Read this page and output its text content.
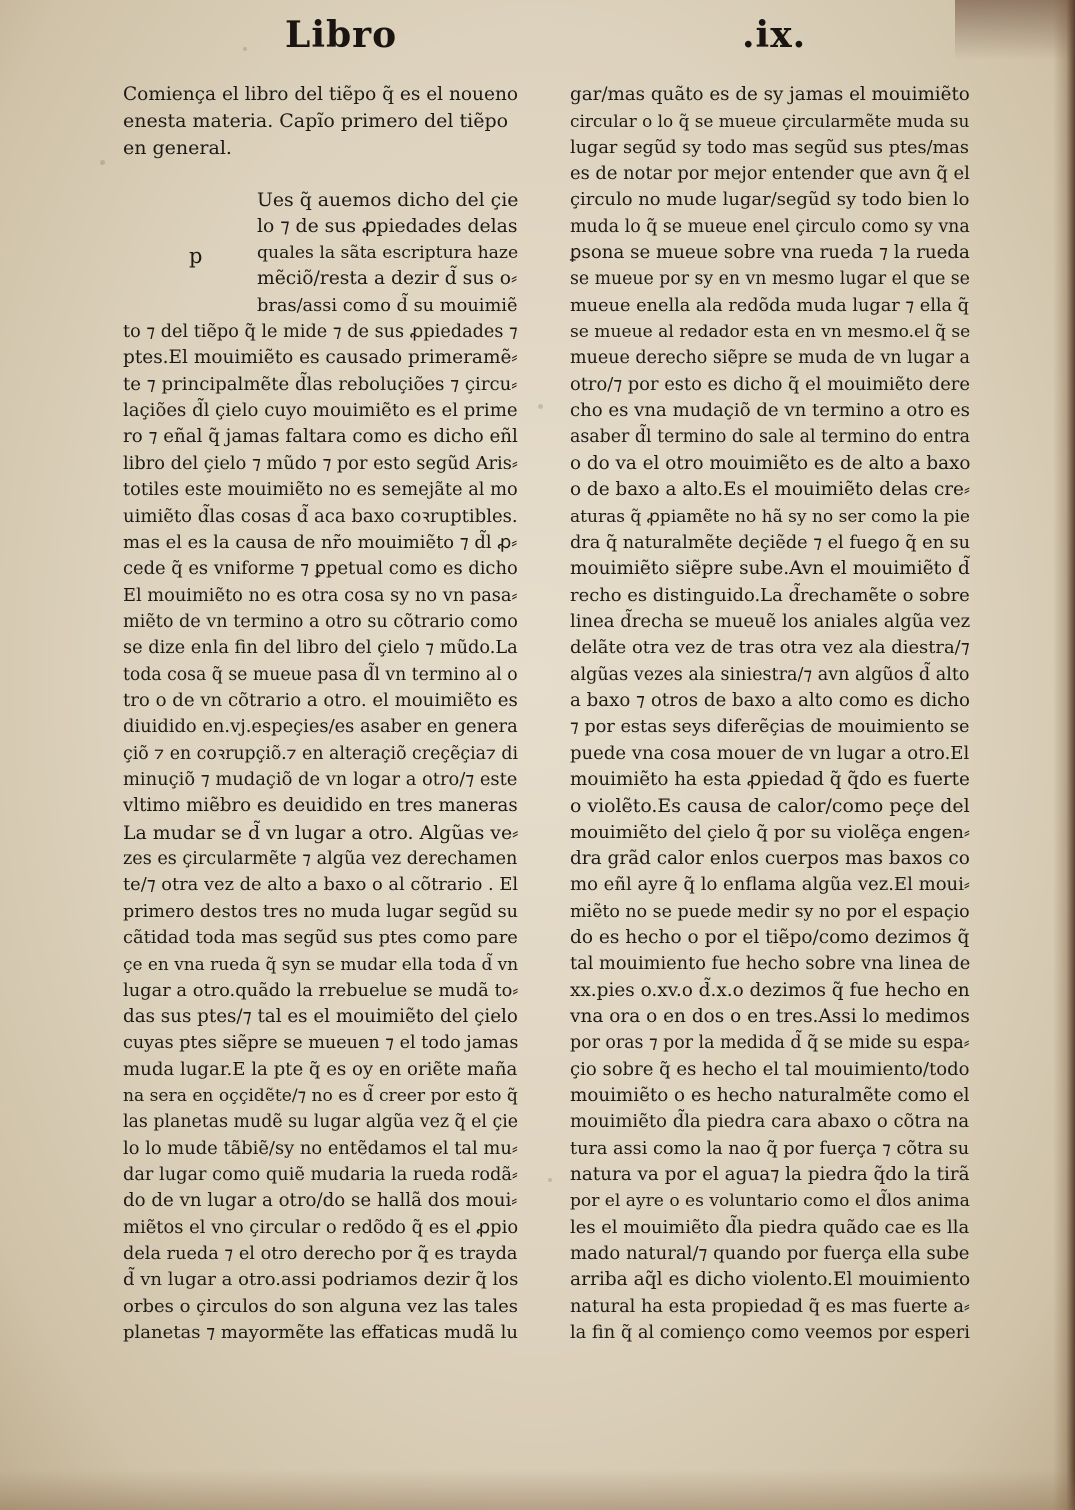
Libro	.ix.
p
Comiença el libro del tiẽpo q̃ es el noueno
enesta materia. Capı̃o primero del tiẽpo
en general.
Ues q̃ auemos dicho del çie
lo ⁊ de sus ꝓpiedades delas
quales la sãta escriptura haze
mẽciõ/resta a dezir d̃ sus o⸗
bras/assi como d̃ su mouimiẽ
to ⁊ del tiẽpo q̃ le mide ⁊ de sus ꝓpiedades ⁊
ptes.El mouimiẽto es causado primeramẽ⸗
te ⁊ principalmẽte d̃las reboluçiões ⁊ çircu⸗
laçiões d̃l çielo cuyo mouimiẽto es el prime
ro ⁊ eñal q̃ jamas faltara como es dicho eñl
libro del çielo ⁊ mũdo ⁊ por esto segũd Aris⸗
totiles este mouimiẽto no es semejãte al mo
uimiẽto d̃las cosas d̃ aca baxo coꝛruptibles.
mas el es la causa de nr̃o mouimiẽto ⁊ d̃l ꝓ⸗
cede q̃ es vniforme ⁊ ꝑpetual como es dicho
El mouimiẽto no es otra cosa sy no vn pasa⸗
miẽto de vn termino a otro su cõtrario como
se dize enla fin del libro del çielo ⁊ mũdo.La
toda cosa q̃ se mueue pasa d̃l vn termino al o
tro o de vn cõtrario a otro. el mouimiẽto es
diuidido en.vj.espeçies/es asaber en genera
çiõ ⁊ en coꝛrupçiõ.⁊ en alteraçiõ creçẽçia⁊ di
minuçiõ ⁊ mudaçiõ de vn logar a otro/⁊ este
vltimo miẽbro es deuidido en tres maneras
La mudar se d̃ vn lugar a otro. Algũas ve⸗
zes es çircularmẽte ⁊ algũa vez derechamen
te/⁊ otra vez de alto a baxo o al cõtrario . El
primero destos tres no muda lugar segũd su
cãtidad toda mas segũd sus ptes como pare
çe en vna rueda q̃ syn se mudar ella toda d̃ vn
lugar a otro.quãdo la rrebuelue se mudã to⸗
das sus ptes/⁊ tal es el mouimiẽto del çielo
cuyas ptes siẽpre se mueuen ⁊ el todo jamas
muda lugar.E la pte q̃ es oy en oriẽte maña
na sera en oççidẽte/⁊ no es d̃ creer por esto q̃
las planetas mudẽ su lugar algũa vez q̃ el çie
lo lo mude tãbiẽ/sy no entẽdamos el tal mu⸗
dar lugar como quiẽ mudaria la rueda rodã⸗
do de vn lugar a otro/do se hallã dos moui⸗
miẽtos el vno çircular o redõdo q̃ es el ꝓpio
dela rueda ⁊ el otro derecho por q̃ es trayda
d̃ vn lugar a otro.assi podriamos dezir q̃ los
orbes o çirculos do son alguna vez las tales
planetas ⁊ mayormẽte las effaticas mudã lu
gar/mas quãto es de sy jamas el mouimiẽto
circular o lo q̃ se mueue çircularmẽte muda su
lugar segũd sy todo mas segũd sus ptes/mas
es de notar por mejor entender que avn q̃ el
çirculo no mude lugar/segũd sy todo bien lo
muda lo q̃ se mueue enel çirculo como sy vna
ꝑsona se mueue sobre vna rueda ⁊ la rueda
se mueue por sy en vn mesmo lugar el que se
mueue enella ala redõda muda lugar ⁊ ella q̃
se mueue al redador esta en vn mesmo.el q̃ se
mueue derecho siẽpre se muda de vn lugar a
otro/⁊ por esto es dicho q̃ el mouimiẽto dere
cho es vna mudaçiõ de vn termino a otro es
asaber d̃l termino do sale al termino do entra
o do va el otro mouimiẽto es de alto a baxo
o de baxo a alto.Es el mouimiẽto delas cre⸗
aturas q̃ ꝓpiamẽte no hã sy no ser como la pie
dra q̃ naturalmẽte deçiẽde ⁊ el fuego q̃ en su
mouimiẽto siẽpre sube.Avn el mouimiẽto d̃
recho es distinguido.La d̃rechamẽte o sobre
linea d̃recha se mueuẽ los aniales algũa vez
delãte otra vez de tras otra vez ala diestra/⁊
algũas vezes ala siniestra/⁊ avn algũos d̃ alto
a baxo ⁊ otros de baxo a alto como es dicho
⁊ por estas seys diferẽçias de mouimiento se
puede vna cosa mouer de vn lugar a otro.El
mouimiẽto ha esta ꝓpiedad q̃ q̃do es fuerte
o violẽto.Es causa de calor/como peçe del
mouimiẽto del çielo q̃ por su violẽça engen⸗
dra grãd calor enlos cuerpos mas baxos co
mo eñl ayre q̃ lo enflama algũa vez.El moui⸗
miẽto no se puede medir sy no por el espaçio
do es hecho o por el tiẽpo/como dezimos q̃
tal mouimiento fue hecho sobre vna linea de
xx.pies o.xv.o d̃.x.o dezimos q̃ fue hecho en
vna ora o en dos o en tres.Assi lo medimos
por oras ⁊ por la medida d̃ q̃ se mide su espa⸗
çio sobre q̃ es hecho el tal mouimiento/todo
mouimiẽto o es hecho naturalmẽte como el
mouimiẽto d̃la piedra cara abaxo o cõtra na
tura assi como la nao q̃ por fuerça ⁊ cõtra su
natura va por el agua⁊ la piedra q̃do la tirã
por el ayre o es voluntario como el d̃los anima
les el mouimiẽto d̃la piedra quãdo cae es lla
mado natural/⁊ quando por fuerça ella sube
arriba aq̃l es dicho violento.El mouimiento
natural ha esta propiedad q̃ es mas fuerte a⸗
la fin q̃ al comienço como veemos por esperi
